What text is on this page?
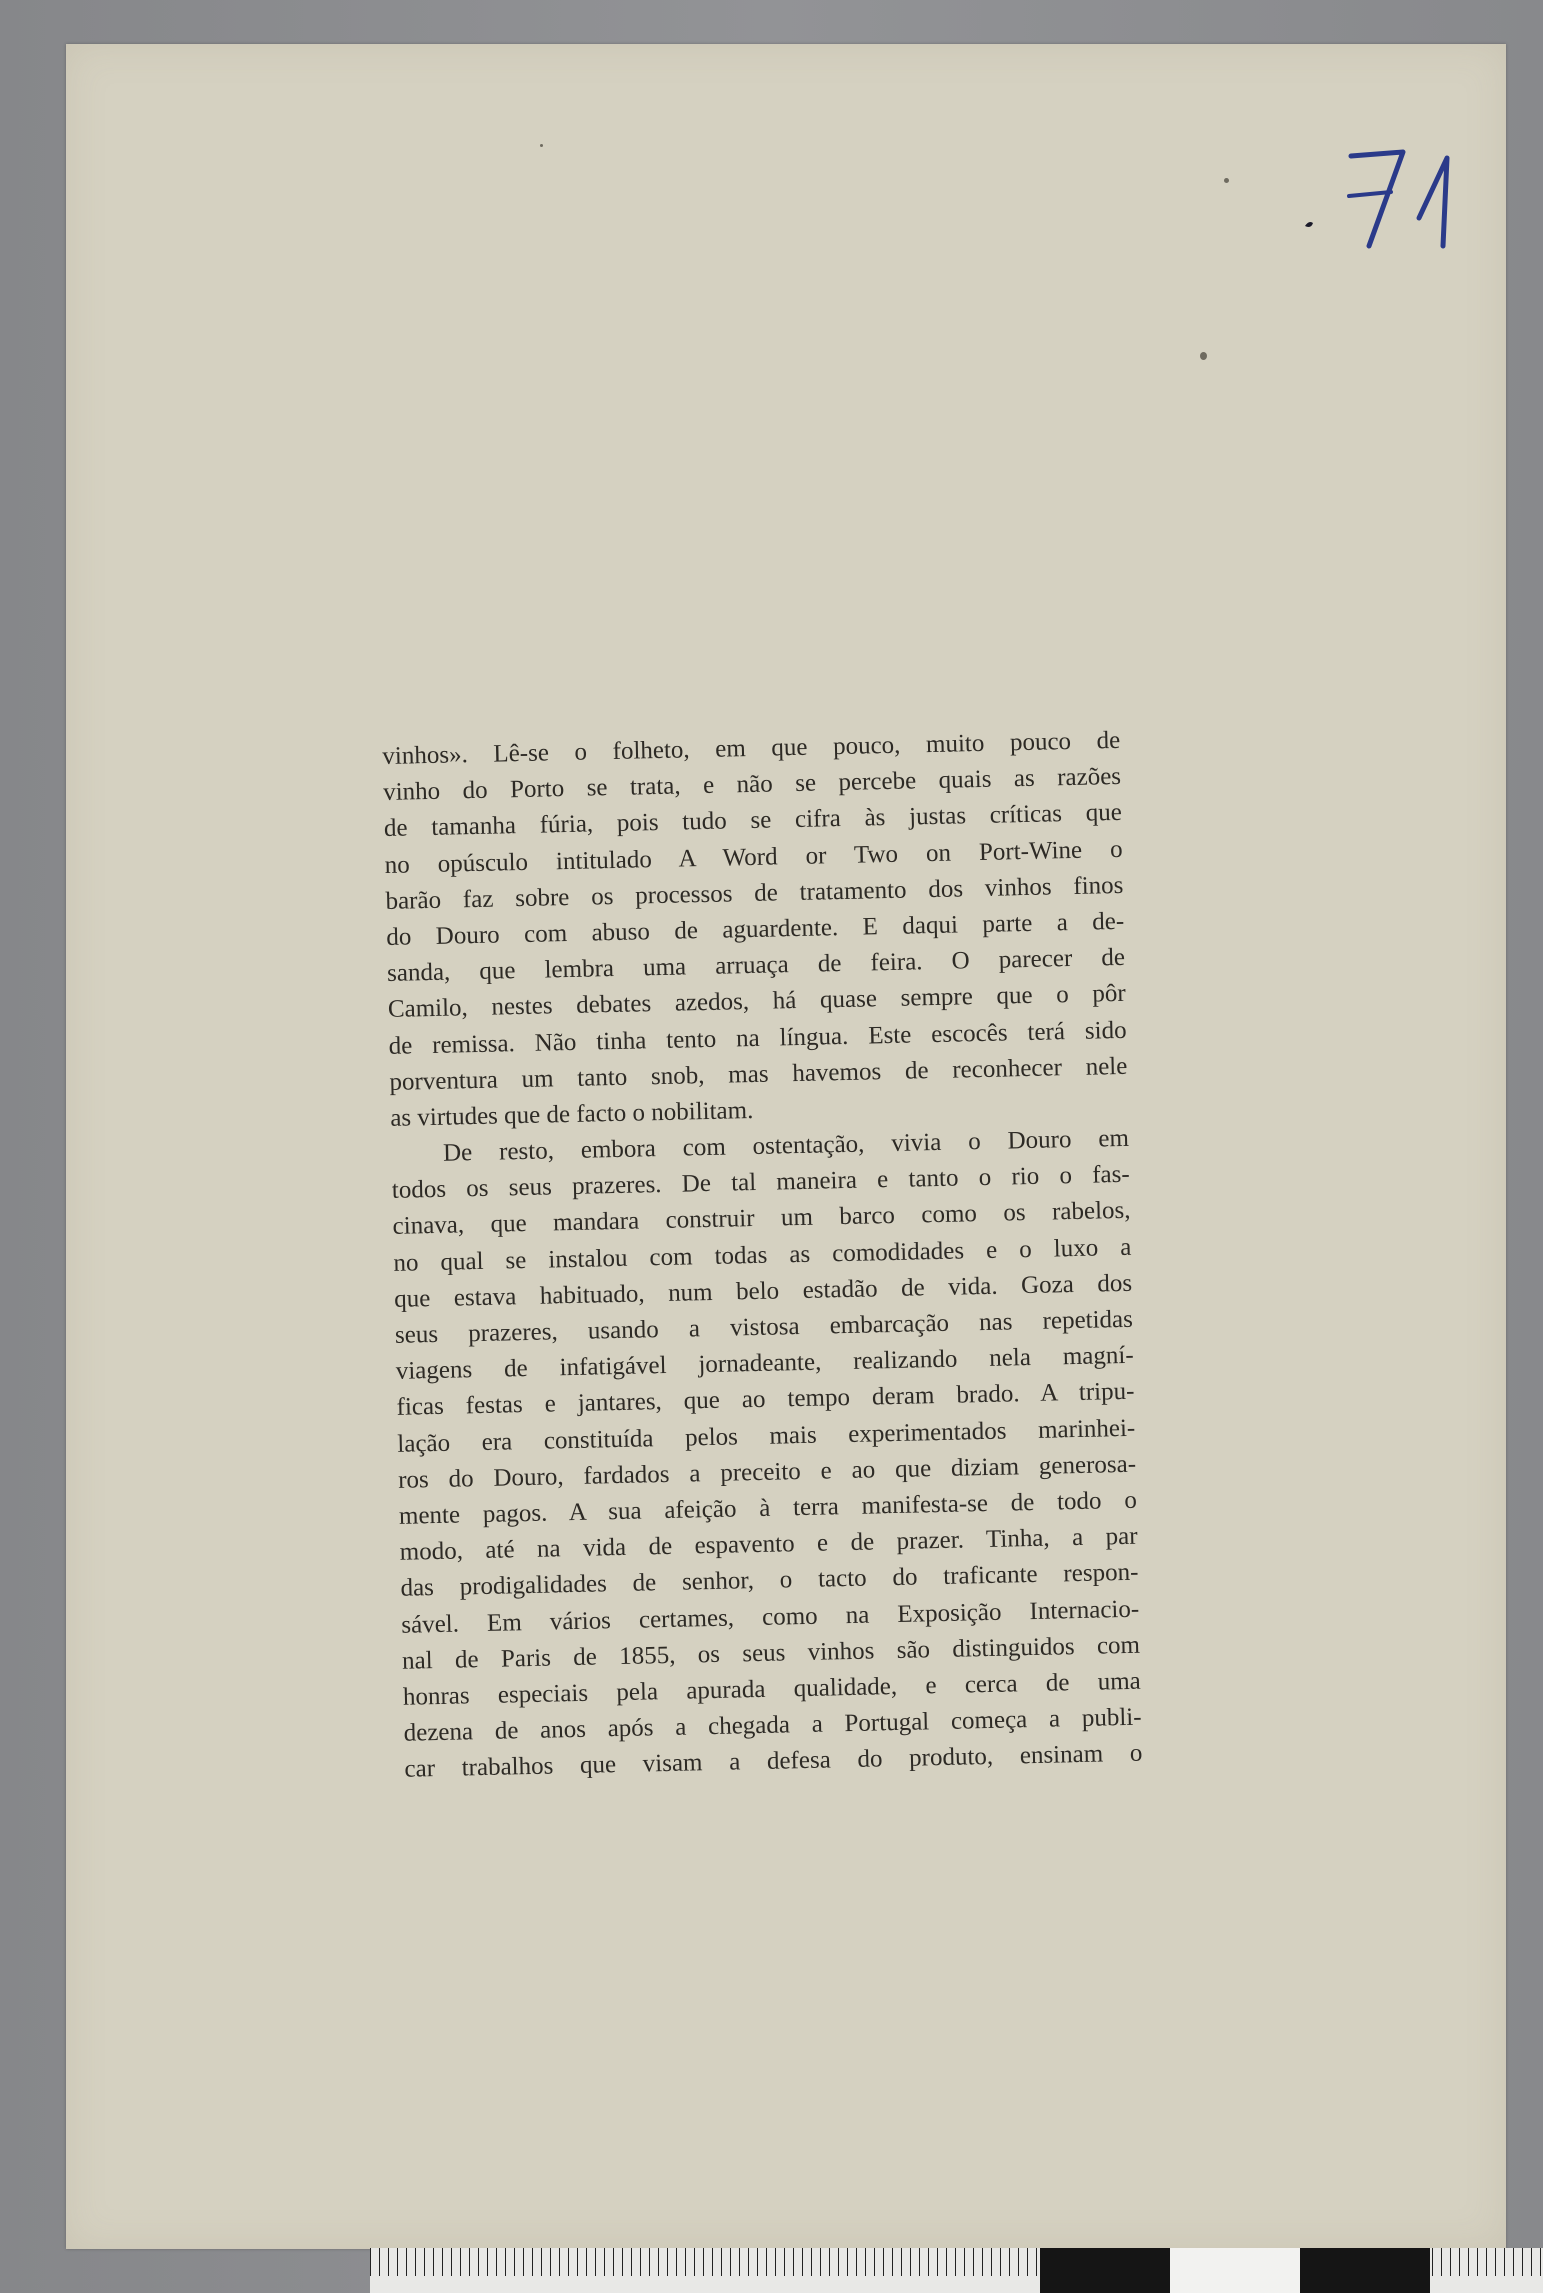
vinhos». Lê-se o folheto, em que pouco, muito pouco de
vinho do Porto se trata, e não se percebe quais as razões
de tamanha fúria, pois tudo se cifra às justas críticas que
no opúsculo intitulado A Word or Two on Port-Wine o
barão faz sobre os processos de tratamento dos vinhos finos
do Douro com abuso de aguardente. E daqui parte a de-
sanda, que lembra uma arruaça de feira. O parecer de
Camilo, nestes debates azedos, há quase sempre que o pôr
de remissa. Não tinha tento na língua. Este escocês terá sido
porventura um tanto snob, mas havemos de reconhecer nele
as virtudes que de facto o nobilitam.
De resto, embora com ostentação, vivia o Douro em
todos os seus prazeres. De tal maneira e tanto o rio o fas-
cinava, que mandara construir um barco como os rabelos,
no qual se instalou com todas as comodidades e o luxo a
que estava habituado, num belo estadão de vida. Goza dos
seus prazeres, usando a vistosa embarcação nas repetidas
viagens de infatigável jornadeante, realizando nela magní-
ficas festas e jantares, que ao tempo deram brado. A tripu-
lação era constituída pelos mais experimentados marinhei-
ros do Douro, fardados a preceito e ao que diziam generosa-
mente pagos. A sua afeição à terra manifesta-se de todo o
modo, até na vida de espavento e de prazer. Tinha, a par
das prodigalidades de senhor, o tacto do traficante respon-
sável. Em vários certames, como na Exposição Internacio-
nal de Paris de 1855, os seus vinhos são distinguidos com
honras especiais pela apurada qualidade, e cerca de uma
dezena de anos após a chegada a Portugal começa a publi-
car trabalhos que visam a defesa do produto, ensinam o
